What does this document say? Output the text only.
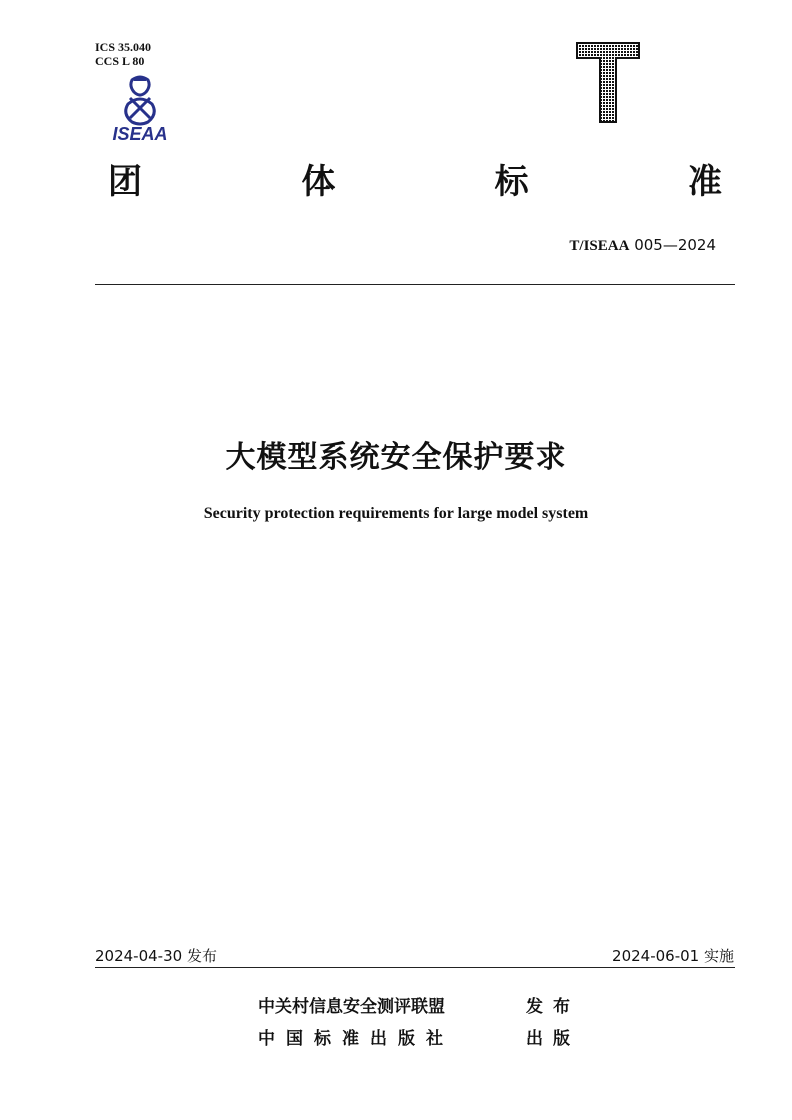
ICS 35.040
CCS L 80
ISEAA
团	体	标	准
T/ISEAA 005—2024
大模型系统安全保护要求
Security protection requirements for large model system
2024-04-30 发布	2024-06-01 实施
中关村信息安全测评联盟	发布
中国标准出版社	出版
